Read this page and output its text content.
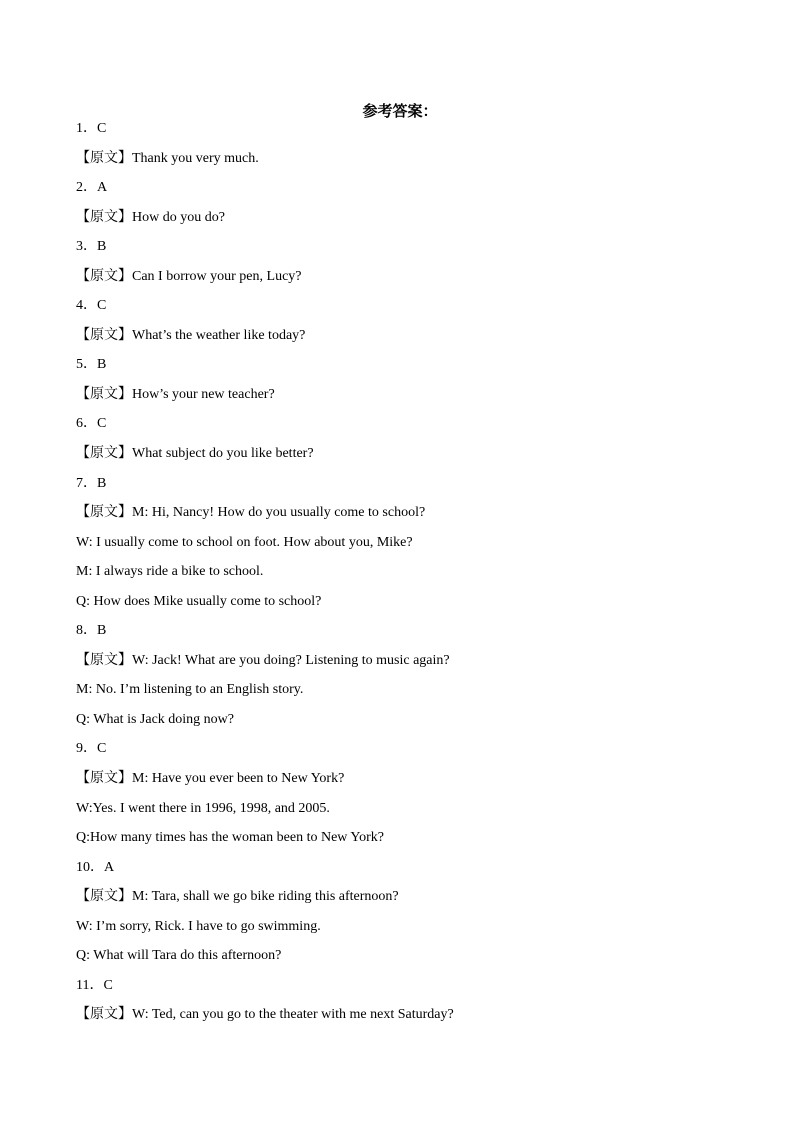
参考答案：
1．C
【原文】Thank you very much.
2．A
【原文】How do you do?
3．B
【原文】Can I borrow your pen, Lucy?
4．C
【原文】What’s the weather like today?
5．B
【原文】How’s your new teacher?
6．C
【原文】What subject do you like better?
7．B
【原文】M: Hi, Nancy! How do you usually come to school?
W: I usually come to school on foot. How about you, Mike?
M: I always ride a bike to school.
Q: How does Mike usually come to school?
8．B
【原文】W: Jack! What are you doing? Listening to music again?
M: No. I’m listening to an English story.
Q: What is Jack doing now?
9．C
【原文】M: Have you ever been to New York?
W:Yes. I went there in 1996, 1998, and 2005.
Q:How many times has the woman been to New York?
10．A
【原文】M: Tara, shall we go bike riding this afternoon?
W: I’m sorry, Rick. I have to go swimming.
Q: What will Tara do this afternoon?
11．C
【原文】W: Ted, can you go to the theater with me next Saturday?
